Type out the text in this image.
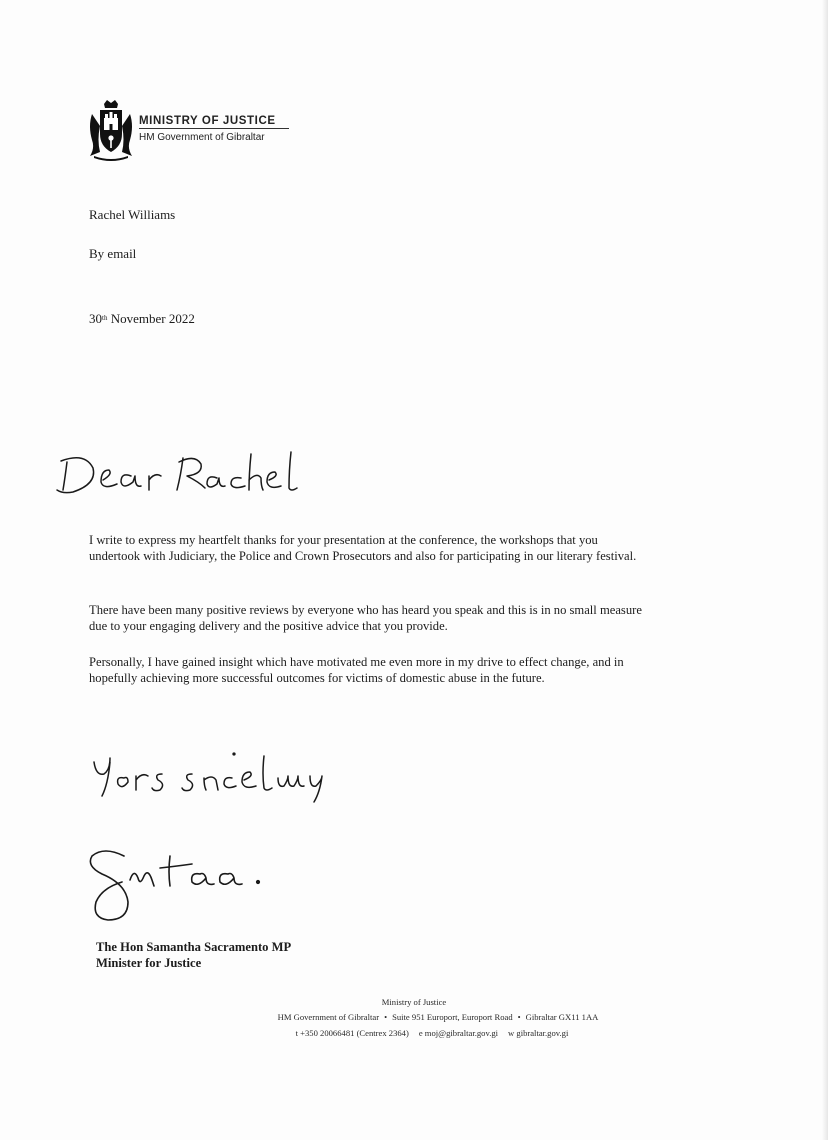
MINISTRY OF JUSTICE
HM Government of Gibraltar
Rachel Williams
By email
30th November 2022
I write to express my heartfelt thanks for your presentation at the conference, the workshops that you undertook with Judiciary, the Police and Crown Prosecutors and also for participating in our literary festival.
There have been many positive reviews by everyone who has heard you speak and this is in no small measure due to your engaging delivery and the positive advice that you provide.
Personally, I have gained insight which have motivated me even more in my drive to effect change, and in hopefully achieving more successful outcomes for victims of domestic abuse in the future.
The Hon Samantha Sacramento MP
Minister for Justice
Ministry of Justice
HM Government of Gibraltar • Suite 951 Europort, Europort Road • Gibraltar GX11 1AA
t +350 20066481 (Centrex 2364) e moj@gibraltar.gov.gi w gibraltar.gov.gi
